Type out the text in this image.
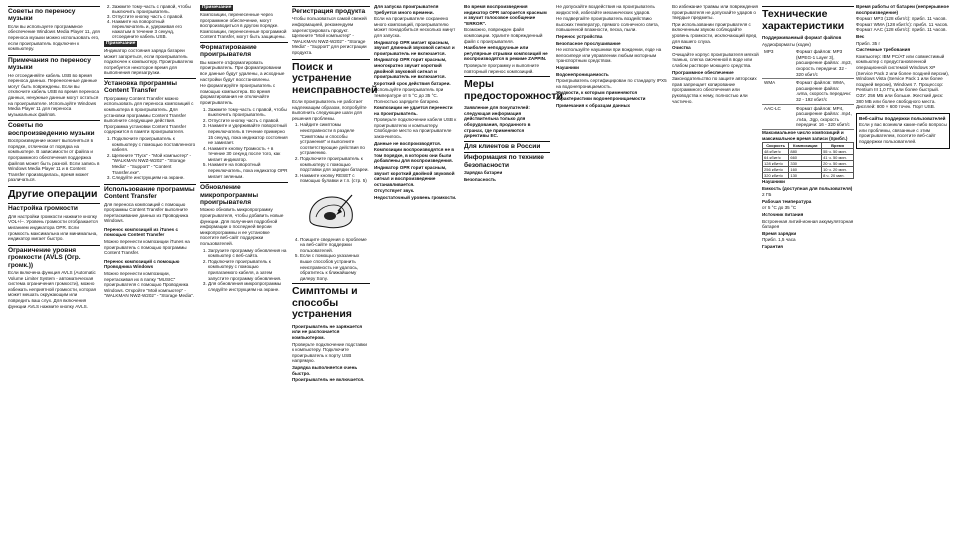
Советы по переносу музыки

Если вы используете программное обеспечение Windows Media Player 11, для переноса музыки можно использовать его, если проигрыватель подключен к компьютеру.

Примечания по переносу музыки

Не отсоединяйте кабель USB во время переноса данных. Перенесенные данные могут быть повреждены. Если вы отключите кабель USB во время переноса данных, ненужные данные могут остаться на проигрывателе. Используйте Windows Media Player 11 для переноса музыкальных файлов.

Советы по воспроизведению музыки

Воспроизведение может выполняться в порядке, отличном от порядка на компьютере. В зависимости от файла и программного обеспечения поддержка файлов может быть разной. Если запись в Windows Media Player 11 и в Content Transfer производилась, время может различаться.

Другие операции
Настройка громкости

Для настройки громкости нажмите кнопку VOL+/–. Уровень громкости отображается миганием индикатора OPR. Если громкость максимальна или минимальна, индикатор мигает быстро.

Ограничение уровня громкости (AVLS (Огр. громк.))

Если включена функция AVLS (Automatic Volume Limiter System - автоматическая система ограничения громкости), можно избежать неприятной громкости, которая может мешать окружающим или повредить ваш слух. Для включения функции AVLS нажмите кнопку AVLS.

2. Зажмите тому-часть с правой, чтобы выключить проигрыватель.
3. Отпустите кнопку часть с правой.
4. Нажмите на поворотный переключатель и, удерживая его нажатым в течение 3 секунд, отсоедините кабель USB.
Примечание

Индикатор состояния заряда батареи может загореться, если проигрыватель подключен к компьютеру. Проигрывателю потребуется некоторое время для выполнения перезагрузки.

Установка программы Content Transfer

Программу Content Transfer можно использовать для переноса композиций с компьютера в проигрыватель. Для установки программы Content Transfer выполните следующие действия. Программа установки Content Transfer содержится в памяти проигрывателя.

1. Подключите проигрыватель к компьютеру с помощью поставленного кабеля.
2. Щелкните "Пуск" - "Мой компьютер" - "WALKMAN NWZ-W202" - "Storage Media" - "Support" - "Content Transfer.exe".
3. Следуйте инструкциям на экране.
Использование программы Content Transfer

Для переноса композиций с помощью программы Content Transfer выполните перетаскивание данных из Проводника Windows.

Перенос композиций из iTunes с помощью Content Transfer

Можно перенести композиции iTunes на проигрыватель с помощью программы Content Transfer.

Перенос композиций с помощью Проводника Windows

Можно перенести композиции, перетаскивая их в папку "MUSIC" проигрывателя с помощью Проводника Windows. Откройте "Мой компьютер" - "WALKMAN NWZ-W202" - "Storage Media".

Примечание

Композиции, перенесенные через программное обеспечение, могут воспроизводиться в другом порядке. Композиции, перенесенные программой Content Transfer, могут быть защищены.

Форматирование проигрывателя

Вы можете отформатировать проигрыватель. При форматировании все данные будут удалены, а исходные настройки будут восстановлены.

Не форматируйте проигрыватель с помощью компьютера. Во время форматирования не отключайте проигрыватель.

1. Зажмите тому-часть с правой, чтобы выключить проигрыватель.
2. Отпустите кнопку часть с правой.
3. Нажмите и удерживайте поворотный переключатель в течение примерно 15 секунд, пока индикатор состояния не замигает.
4. Нажмите кнопку Громкость + в течение 30 секунд после того, как мигает индикатор.
5. Нажмите на поворотный переключатель, пока индикатор OPR мигает зеленым.
Обновление микропрограммы проигрывателя

Можно обновить микропрограмму проигрывателя, чтобы добавить новые функции. Для получения подробной информации о последней версии микропрограммы и ее установке посетите веб-сайт поддержки пользователей.

1. Загрузите программу обновления на компьютер с веб-сайта.
2. Подключите проигрыватель к компьютеру с помощью прилагаемого кабеля, а затем запустите программу обновления.
3. Для обновления микропрограммы следуйте инструкциям на экране.
Регистрация продукта

Чтобы пользоваться самой свежей информацией, рекомендуем зарегистрировать продукт. Щелкните "Мой компьютер" - "WALKMAN NWZ-W202" - "Storage Media" - "Support" для регистрации продукта.

Поиск и устранение неисправностей

Если проигрыватель не работает надлежащим образом, попробуйте выполнить следующие шаги для решения проблемы.

1. Найдите симптомы неисправности в разделе "Симптомы и способы устранения" и выполните соответствующие действия по устранению.
2. Подключите проигрыватель к компьютеру с помощью подставки для зарядки батареи.
3. Нажмите кнопку RESET с помощью булавки и т.п. (стр. 5)
4. Поищите сведения о проблеме на веб-сайте поддержки пользователей.
5. Если с помощью указанных выше способов устранить неисправность не удалось, обратитесь к ближайшему дилеру Sony.
Симптомы и способы устранения

Проигрыватель не заряжается или не распознается компьютером.

Проверьте подключение подставки к компьютеру. Подключите проигрыватель к порту USB напрямую.

Зарядка выполняется очень быстро.

Проигрыватель не включается.

Для запуска проигрывателя требуется много времени.

Если на проигрывателе сохранено много композиций, проигрывателю может понадобиться несколько минут для запуска.

Индикатор OPR мигает красным, звучит длинный звуковой сигнал и проигрыватель не включается.

Индикатор OPR горит красным, многократно звучит короткий двойной звуковой сигнал и проигрыватель не включается.

Короткий срок действия батареи.

Используйте проигрыватель при температуре от 5 °C до 35 °C. Полностью зарядите батарею.

Композиции не удается перенести на проигрыватель.

Проверьте подключение кабеля USB к проигрывателю и компьютеру. Свободное место на проигрывателе закончилось.

Данные не воспроизводятся.

Композиции воспроизводятся не в том порядке, в котором они были добавлены для воспроизведения.

Индикатор OPR горит красным, звучит короткий двойной звуковой сигнал и воспроизведение останавливается.

Отсутствует звук.

Недостаточный уровень громкости.

Во время воспроизведения индикатор OPR загорается красным и звучит голосовое сообщение "ERROR".

Возможно, поврежден файл композиции. Удалите поврежденный файл с проигрывателя.

Наиболее неподручные или регулярные отрывки композиций не воспроизводятся в режиме ZAPPIN.

Проверьте программу и выполните повторный перенос композиций.

Меры предосторожности

Заявление для покупателей: следующая информация действительна только для оборудования, проданного в странах, где применяются директивы ЕС.

Для клиентов в России
Информация по технике безопасности

Зарядка батареи

Безопасность

Не допускайте воздействия на проигрыватель жидкостей, избегайте механических ударов.

Не подвергайте проигрыватель воздействию высоких температур, прямого солнечного света, повышенной влажности, песка, пыли.

Перенос устройства

Безопасное прослушивание

Не используйте наушники при вождении, езде на велосипеде или управлении любым моторным транспортным средством.

Наушники

Водонепроницаемость

Проигрыватель сертифицирован по стандарту IPX5 на водонепроницаемость.

Жидкости, к которым применяются характеристики водонепроницаемости

Примечания к образцам данных

Во избежание травмы или повреждения проигрывателя не допускайте ударов о твердые предметы.

При использовании проигрывателя с включенным звуком соблюдайте уровень громкости, исключающий вред для вашего слуха.

Очистка

Очищайте корпус проигрывателя мягкой тканью, слегка смоченной в воде или слабом растворе моющего средства.

Программное обеспечение

Законодательство по защите авторских прав запрещает копирование программного обеспечения или руководства к нему, полностью или частично.

Технические характеристики

Поддерживаемый формат файлов

Аудиоформаты (кодек)

MP3	Формат файлов: MP3 (MPEG-1 Layer 3), расширение файла: .mp3, скорость передачи: 32 - 320 кбит/с
WMA	Формат файлов: WMA, расширение файла: .wma, скорость передачи: 32 - 192 кбит/с
AAC-LC	Формат файлов: MP4, расширение файла: .mp4, .m4a, .3gp, скорость передачи: 16 - 320 кбит/с

Максимальное число композиций и максимальное время записи (прибл.)

Скорость	Композиции	Время
48 кбит/с	880	55 ч. 50 мин.
64 кбит/с	660	41 ч. 50 мин.
128 кбит/с	330	20 ч. 50 мин.
256 кбит/с	160	10 ч. 20 мин.
320 кбит/с	130	8 ч. 20 мин.

Наушники

Емкость (доступная для пользователя)

2 ГБ

Рабочая температура

от 5 °C до 35 °C

Источник питания

Встроенная литий-ионная аккумуляторная батарея

Время зарядки

Прибл. 1,5 часа

Гарантия

Время работы от батареи (непрерывное воспроизведение)

Формат MP3 (128 кбит/с): прибл. 11 часов. Формат WMA (128 кбит/с): прибл. 11 часов. Формат AAC (128 кбит/с): прибл. 11 часов.

Вес

Прибл. 35 г

Системные требования

Компьютер: IBM PC/AT или совместимый компьютер с предустановленной операционной системой Windows XP (Service Pack 2 или более поздней версии), Windows Vista (Service Pack 1 или более поздней версии), Windows 7. Процессор: Pentium III 1,0 ГГц или более быстрый. ОЗУ: 256 МБ или больше. Жесткий диск: 380 МБ или более свободного места. Дисплей: 800 × 600 точек. Порт USB.

Веб-сайты поддержки пользователей

Если у вас возникли какие-либо вопросы или проблемы, связанные с этим проигрывателем, посетите веб-сайт поддержки пользователей.
